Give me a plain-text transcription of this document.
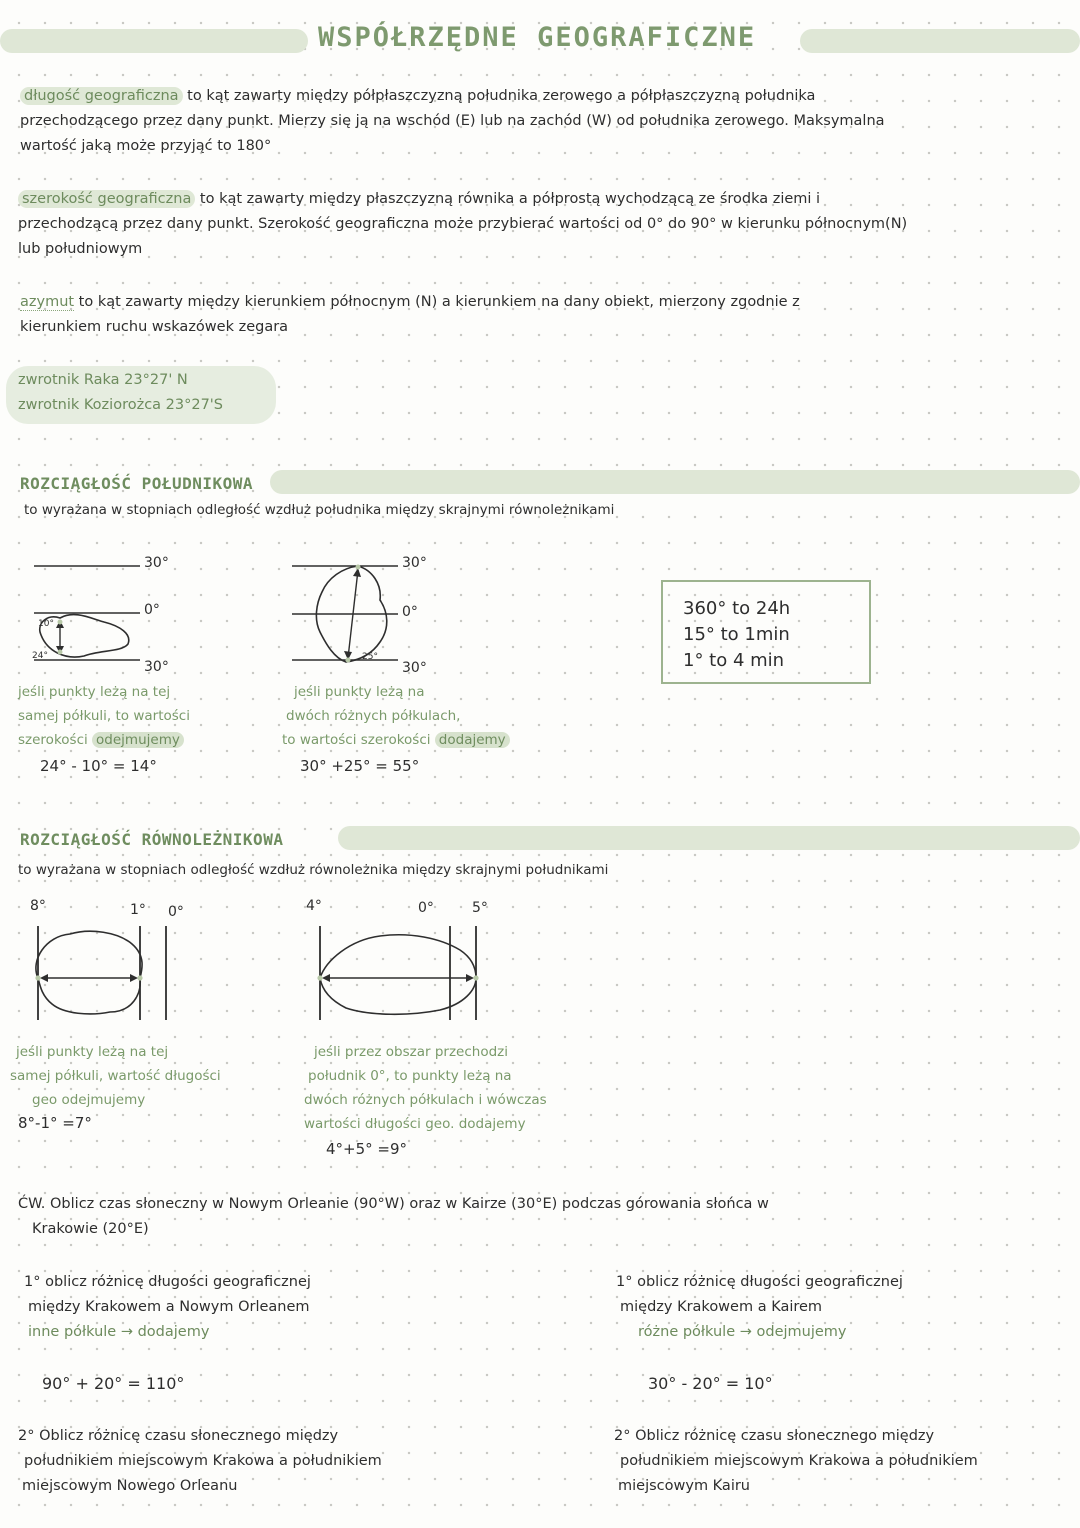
WSPÓŁRZĘDNE GEOGRAFICZNE
długość geograficzna to kąt zawarty między półpłaszczyzną południka zerowego a półpłaszczyzną południka
przechodzącego przez dany punkt. Mierzy się ją na wschód (E) lub na zachód (W) od południka zerowego. Maksymalna
wartość jaką może przyjąć to 180°
szerokość geograficzna to kąt zawarty między płaszczyzną równika a półprostą wychodzącą ze środka ziemi i
przechodzącą przez dany punkt. Szerokość geograficzna może przybierać wartości od 0° do 90° w kierunku północnym(N)
lub południowym
azymut to kąt zawarty między kierunkiem północnym (N) a kierunkiem na dany obiekt, mierzony zgodnie z
kierunkiem ruchu wskazówek zegara
zwrotnik Raka 23°27' N
zwrotnik Koziorożca 23°27'S
ROZCIĄGŁOŚĆ POŁUDNIKOWA
to wyrażana w stopniach odległość wzdłuż południka między skrajnymi równoleżnikami
30°
0°
30°
10°
24°
jeśli punkty leżą na tej
samej półkuli, to wartości
szerokości odejmujemy
24° - 10° = 14°
30°
0°
30°
25°
jeśli punkty leżą na
dwóch różnych półkulach,
to wartości szerokości dodajemy
30° +25° = 55°
360° to 24h
15° to 1min
1° to 4 min
ROZCIĄGŁOŚĆ RÓWNOLEŻNIKOWA
to wyrażana w stopniach odległość wzdłuż równoleżnika między skrajnymi południkami
8°	1° 0°
jeśli punkty leżą na tej
samej półkuli, wartość długości
geo odejmujemy
8°-1° =7°
4°	0°	5°
jeśli przez obszar przechodzi
południk 0°, to punkty leżą na
dwóch różnych półkulach i wówczas
wartości długości geo. dodajemy
4°+5° =9°
ĆW. Oblicz czas słoneczny w Nowym Orleanie (90°W) oraz w Kairze (30°E) podczas górowania słońca w
Krakowie (20°E)
1° oblicz różnicę długości geograficznej
między Krakowem a Nowym Orleanem
inne półkule → dodajemy
90° + 20° = 110°
2° Oblicz różnicę czasu słonecznego między
południkiem miejscowym Krakowa a południkiem
miejscowym Nowego Orleanu
1° oblicz różnicę długości geograficznej
między Krakowem a Kairem
różne półkule → odejmujemy
30° - 20° = 10°
2° Oblicz różnicę czasu słonecznego między
południkiem miejscowym Krakowa a południkiem
miejscowym Kairu
